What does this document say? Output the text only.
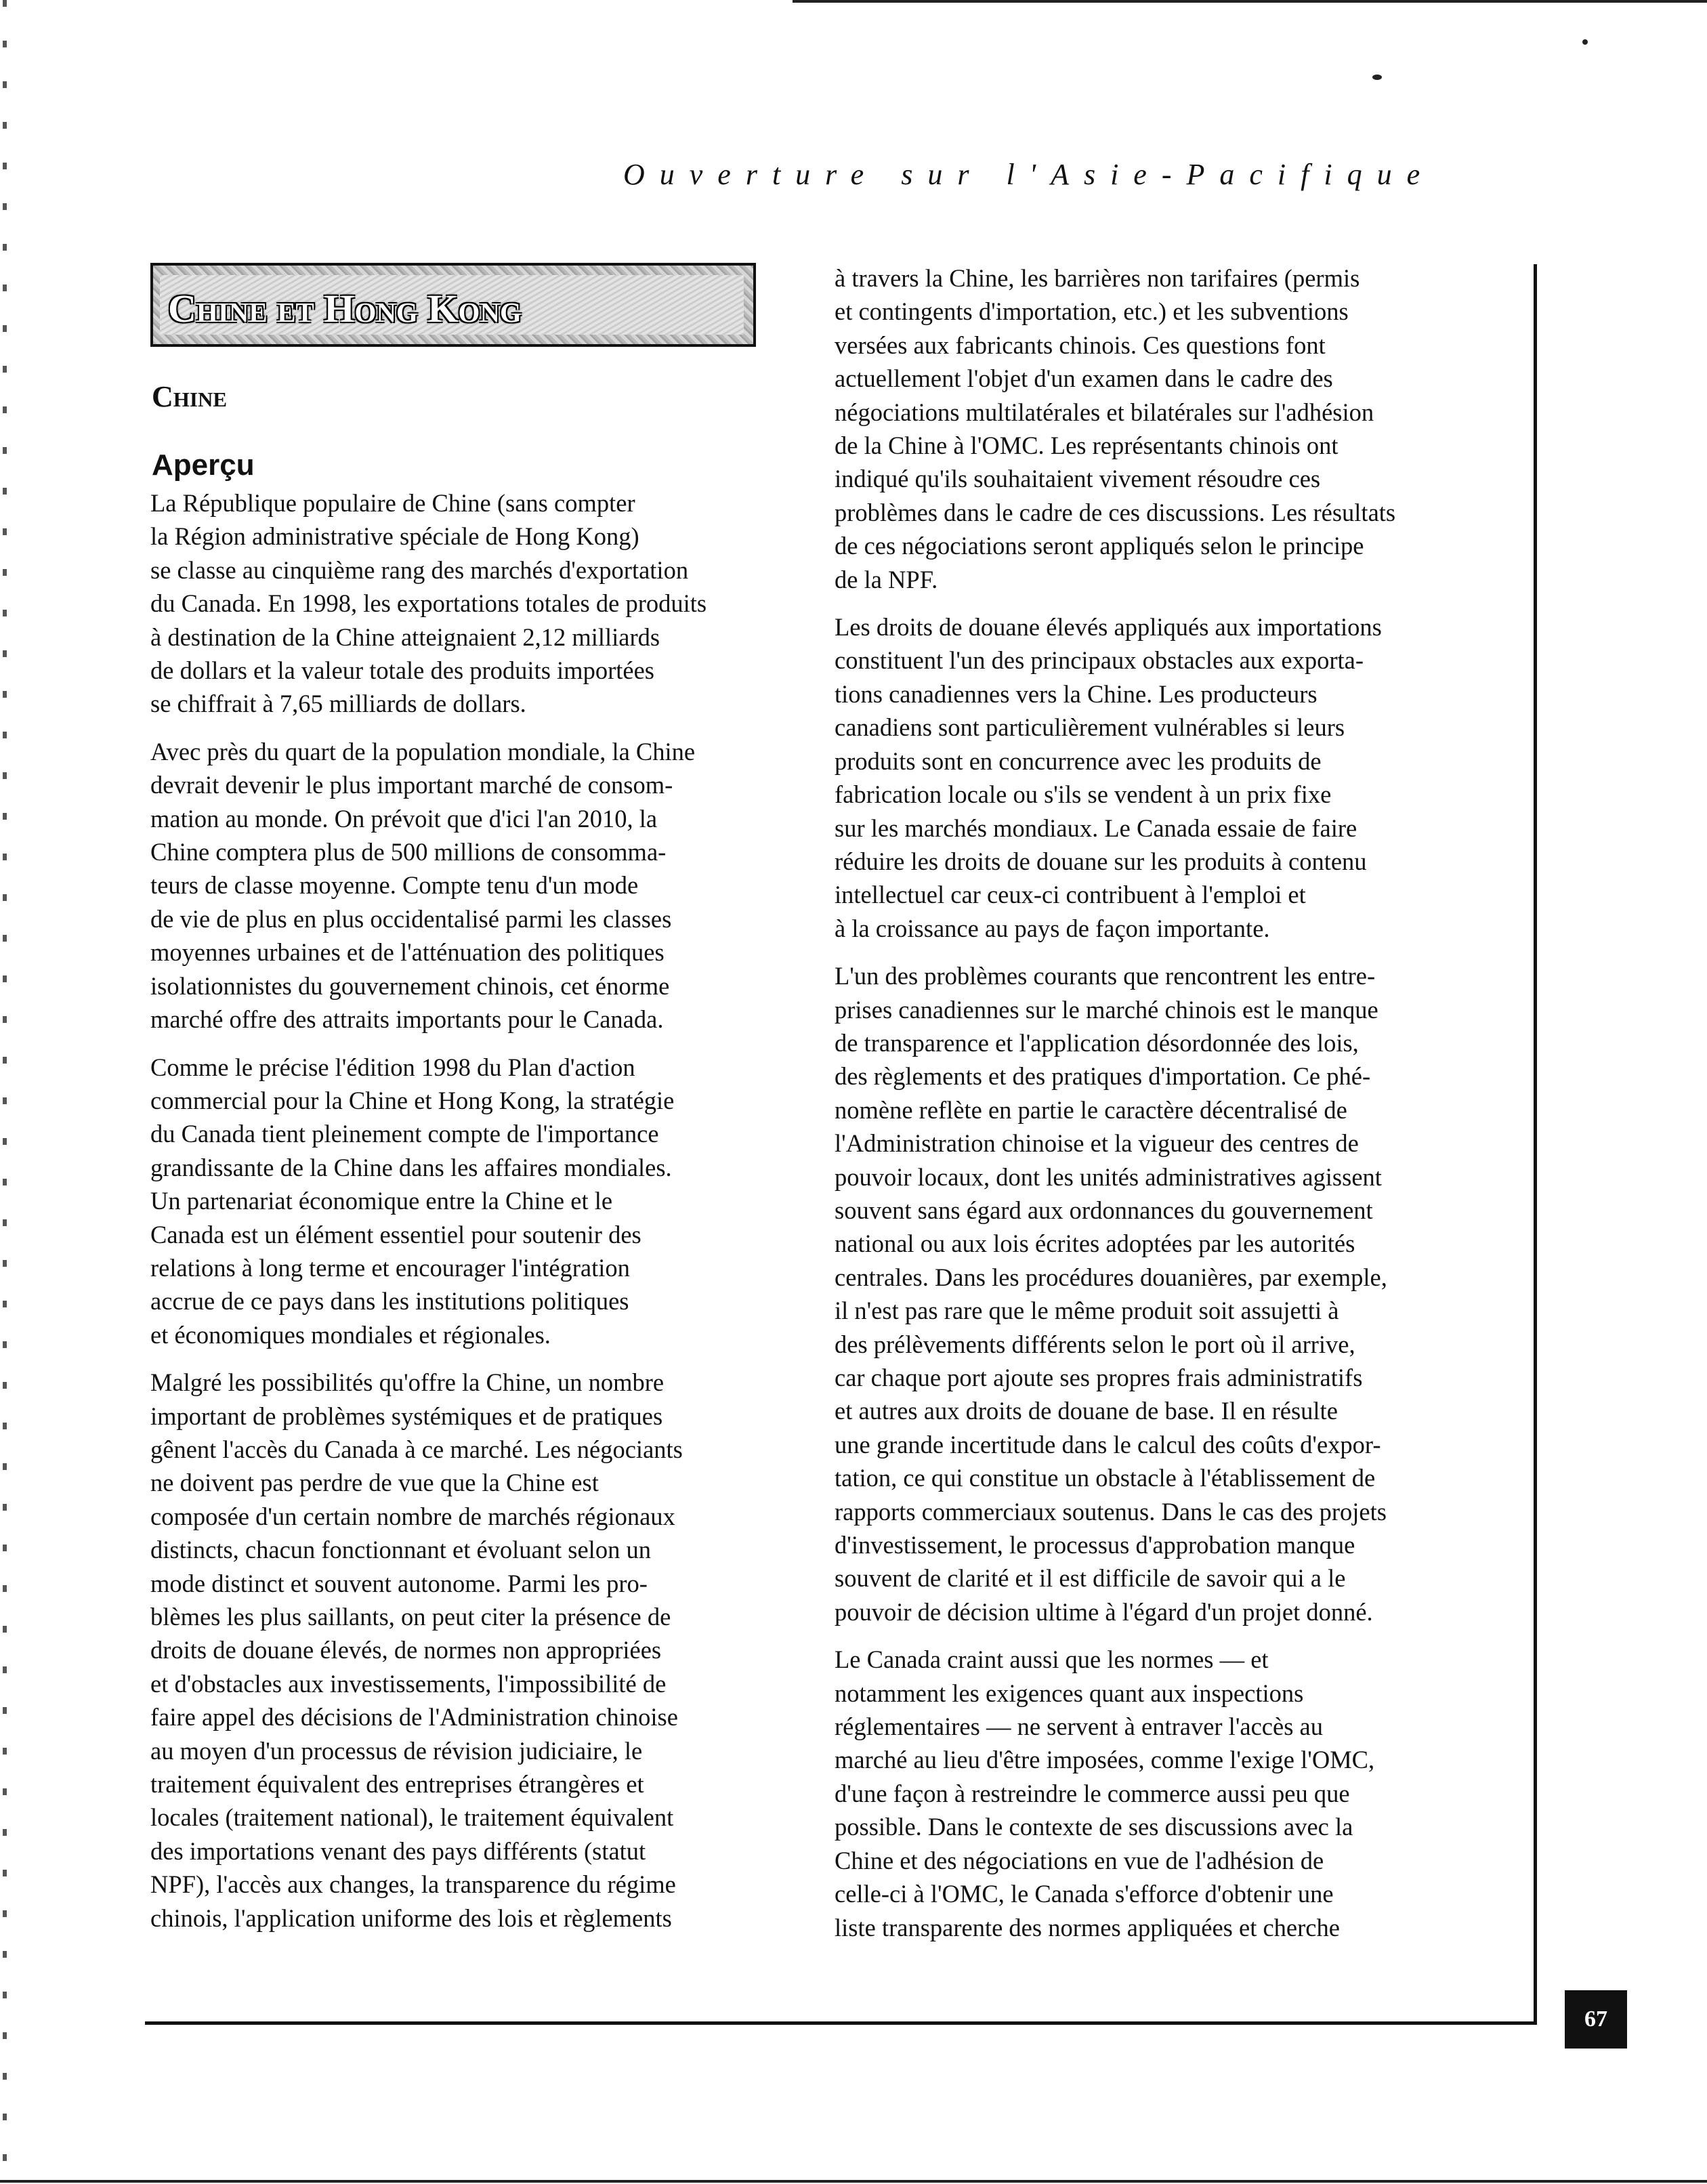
Ouverture sur l'Asie-Pacifique
Chine et Hong Kong
Chine
Aperçu

La République populaire de Chine (sans compter
la Région administrative spéciale de Hong Kong)
se classe au cinquième rang des marchés d'exportation
du Canada. En 1998, les exportations totales de produits
à destination de la Chine atteignaient 2,12 milliards
de dollars et la valeur totale des produits importées
se chiffrait à 7,65 milliards de dollars.

Avec près du quart de la population mondiale, la Chine
devrait devenir le plus important marché de consom-
mation au monde. On prévoit que d'ici l'an 2010, la
Chine comptera plus de 500 millions de consomma-
teurs de classe moyenne. Compte tenu d'un mode
de vie de plus en plus occidentalisé parmi les classes
moyennes urbaines et de l'atténuation des politiques
isolationnistes du gouvernement chinois, cet énorme
marché offre des attraits importants pour le Canada.

Comme le précise l'édition 1998 du Plan d'action
commercial pour la Chine et Hong Kong, la stratégie
du Canada tient pleinement compte de l'importance
grandissante de la Chine dans les affaires mondiales.
Un partenariat économique entre la Chine et le
Canada est un élément essentiel pour soutenir des
relations à long terme et encourager l'intégration
accrue de ce pays dans les institutions politiques
et économiques mondiales et régionales.

Malgré les possibilités qu'offre la Chine, un nombre
important de problèmes systémiques et de pratiques
gênent l'accès du Canada à ce marché. Les négociants
ne doivent pas perdre de vue que la Chine est
composée d'un certain nombre de marchés régionaux
distincts, chacun fonctionnant et évoluant selon un
mode distinct et souvent autonome. Parmi les pro-
blèmes les plus saillants, on peut citer la présence de
droits de douane élevés, de normes non appropriées
et d'obstacles aux investissements, l'impossibilité de
faire appel des décisions de l'Administration chinoise
au moyen d'un processus de révision judiciaire, le
traitement équivalent des entreprises étrangères et
locales (traitement national), le traitement équivalent
des importations venant des pays différents (statut
NPF), l'accès aux changes, la transparence du régime
chinois, l'application uniforme des lois et règlements

à travers la Chine, les barrières non tarifaires (permis
et contingents d'importation, etc.) et les subventions
versées aux fabricants chinois. Ces questions font
actuellement l'objet d'un examen dans le cadre des
négociations multilatérales et bilatérales sur l'adhésion
de la Chine à l'OMC. Les représentants chinois ont
indiqué qu'ils souhaitaient vivement résoudre ces
problèmes dans le cadre de ces discussions. Les résultats
de ces négociations seront appliqués selon le principe
de la NPF.

Les droits de douane élevés appliqués aux importations
constituent l'un des principaux obstacles aux exporta-
tions canadiennes vers la Chine. Les producteurs
canadiens sont particulièrement vulnérables si leurs
produits sont en concurrence avec les produits de
fabrication locale ou s'ils se vendent à un prix fixe
sur les marchés mondiaux. Le Canada essaie de faire
réduire les droits de douane sur les produits à contenu
intellectuel car ceux-ci contribuent à l'emploi et
à la croissance au pays de façon importante.

L'un des problèmes courants que rencontrent les entre-
prises canadiennes sur le marché chinois est le manque
de transparence et l'application désordonnée des lois,
des règlements et des pratiques d'importation. Ce phé-
nomène reflète en partie le caractère décentralisé de
l'Administration chinoise et la vigueur des centres de
pouvoir locaux, dont les unités administratives agissent
souvent sans égard aux ordonnances du gouvernement
national ou aux lois écrites adoptées par les autorités
centrales. Dans les procédures douanières, par exemple,
il n'est pas rare que le même produit soit assujetti à
des prélèvements différents selon le port où il arrive,
car chaque port ajoute ses propres frais administratifs
et autres aux droits de douane de base. Il en résulte
une grande incertitude dans le calcul des coûts d'expor-
tation, ce qui constitue un obstacle à l'établissement de
rapports commerciaux soutenus. Dans le cas des projets
d'investissement, le processus d'approbation manque
souvent de clarité et il est difficile de savoir qui a le
pouvoir de décision ultime à l'égard d'un projet donné.

Le Canada craint aussi que les normes — et
notamment les exigences quant aux inspections
réglementaires — ne servent à entraver l'accès au
marché au lieu d'être imposées, comme l'exige l'OMC,
d'une façon à restreindre le commerce aussi peu que
possible. Dans le contexte de ses discussions avec la
Chine et des négociations en vue de l'adhésion de
celle-ci à l'OMC, le Canada s'efforce d'obtenir une
liste transparente des normes appliquées et cherche

67
